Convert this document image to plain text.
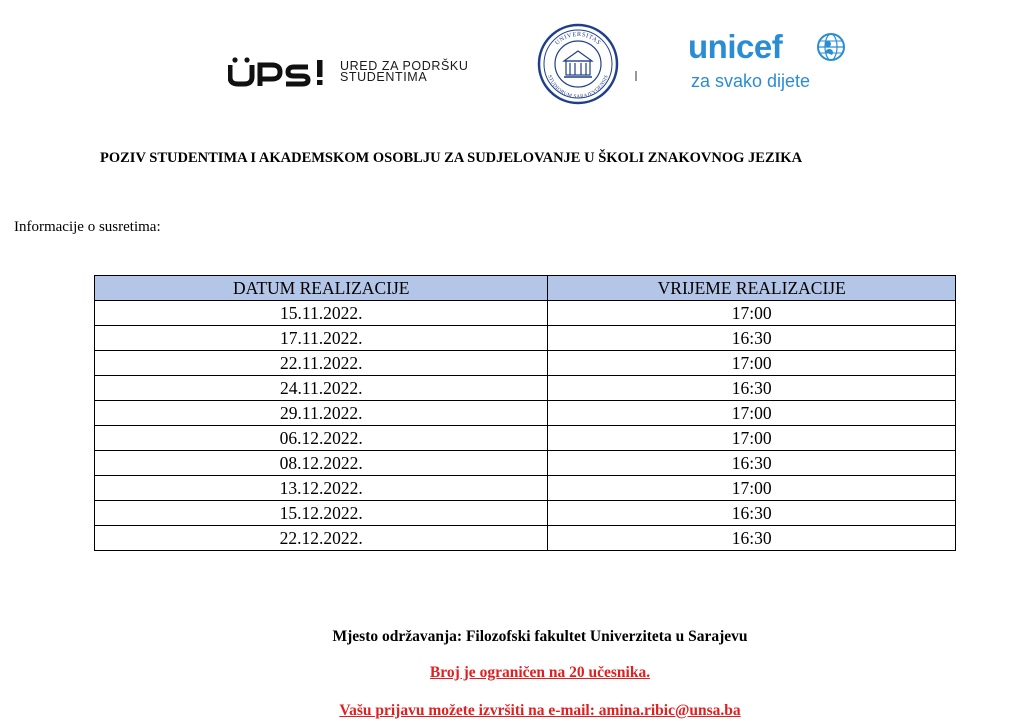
URED ZA PODRŠKU
STUDENTIMA
UNIVERSITAS
STUDIORUM SARAJEVOENSIS
unicef
za svako dijete
POZIV STUDENTIMA I AKADEMSKOM OSOBLJU ZA SUDJELOVANJE U ŠKOLI ZNAKOVNOG JEZIKA
Informacije o susretima:
DATUM REALIZACIJE	VRIJEME REALIZACIJE
15.11.2022.	17:00
17.11.2022.	16:30
22.11.2022.	17:00
24.11.2022.	16:30
29.11.2022.	17:00
06.12.2022.	17:00
08.12.2022.	16:30
13.12.2022.	17:00
15.12.2022.	16:30
22.12.2022.	16:30
Mjesto održavanja: Filozofski fakultet Univerziteta u Sarajevu
Broj je ograničen na 20 učesnika.
Vašu prijavu možete izvršiti na e-mail: amina.ribic@unsa.ba
